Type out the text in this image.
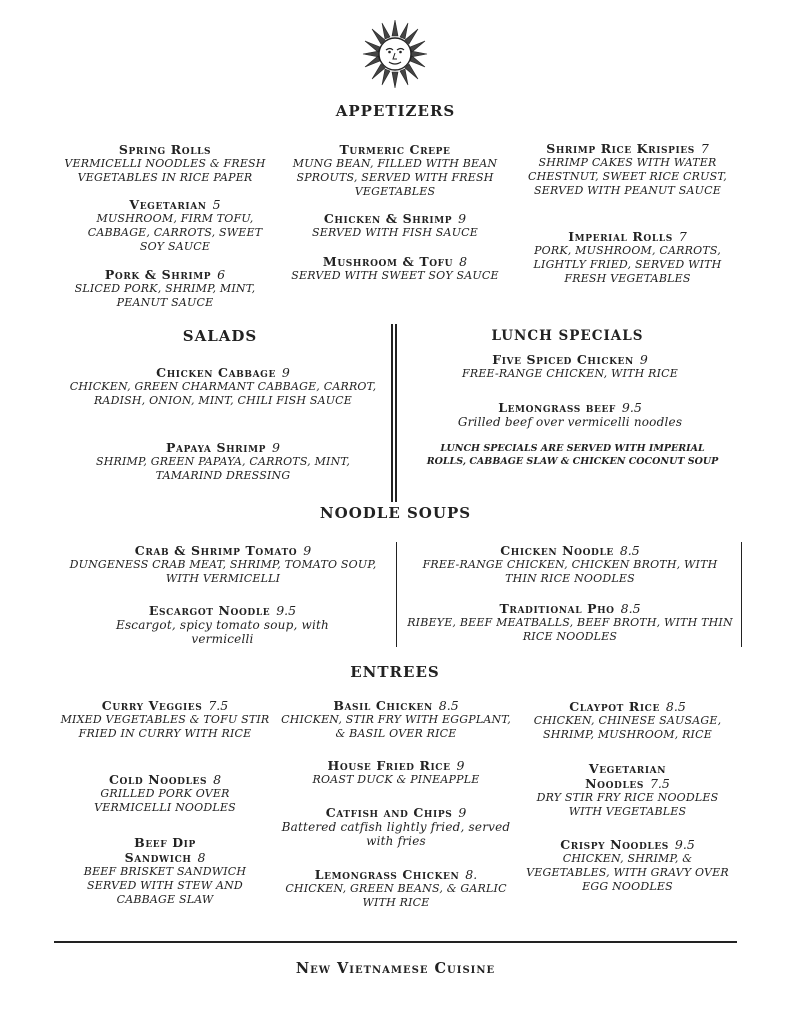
APPETIZERS
Spring Rolls
VERMICELLI NOODLES & FRESH VEGETABLES IN RICE PAPER
Vegetarian 5
MUSHROOM, FIRM TOFU, CABBAGE, CARROTS, SWEET SOY SAUCE
Pork & Shrimp 6
SLICED PORK, SHRIMP, MINT, PEANUT SAUCE
Turmeric Crepe
MUNG BEAN, FILLED WITH BEAN SPROUTS, SERVED WITH FRESH VEGETABLES
Chicken & Shrimp 9
SERVED WITH FISH SAUCE
Mushroom & Tofu 8
SERVED WITH SWEET SOY SAUCE
Shrimp Rice Krispies 7
SHRIMP CAKES WITH WATER CHESTNUT, SWEET RICE CRUST, SERVED WITH PEANUT SAUCE
Imperial Rolls 7
PORK, MUSHROOM, CARROTS, LIGHTLY FRIED, SERVED WITH FRESH VEGETABLES
SALADS
Chicken Cabbage 9
CHICKEN, GREEN CHARMANT CABBAGE, CARROT, RADISH, ONION, MINT, CHILI FISH SAUCE
Papaya Shrimp 9
SHRIMP, GREEN PAPAYA, CARROTS, MINT, TAMARIND DRESSING
LUNCH SPECIALS
Five Spiced Chicken 9
FREE-RANGE CHICKEN, WITH RICE
Lemongrass beef 9.5
Grilled beef over vermicelli noodles
LUNCH SPECIALS ARE SERVED WITH IMPERIAL ROLLS, CABBAGE SLAW & CHICKEN COCONUT SOUP
NOODLE SOUPS
Crab & Shrimp Tomato 9
DUNGENESS CRAB MEAT, SHRIMP, TOMATO SOUP, WITH VERMICELLI
Escargot Noodle 9.5
Escargot, spicy tomato soup, with vermicelli
Chicken Noodle 8.5
FREE-RANGE CHICKEN, CHICKEN BROTH, WITH THIN RICE NOODLES
Traditional Pho 8.5
RIBEYE, BEEF MEATBALLS, BEEF BROTH, WITH THIN RICE NOODLES
ENTREES
Curry Veggies 7.5
MIXED VEGETABLES & TOFU STIR FRIED IN CURRY WITH RICE
Cold Noodles 8
GRILLED PORK OVER VERMICELLI NOODLES
Beef Dip
Sandwich 8
BEEF BRISKET SANDWICH SERVED WITH STEW AND CABBAGE SLAW
Basil Chicken 8.5
CHICKEN, STIR FRY WITH EGGPLANT, & BASIL OVER RICE
House Fried Rice 9
ROAST DUCK & PINEAPPLE
Catfish and Chips 9
Battered catfish lightly fried, served with fries
Lemongrass Chicken 8.
CHICKEN, GREEN BEANS, & GARLIC WITH RICE
Claypot Rice 8.5
CHICKEN, CHINESE SAUSAGE, SHRIMP, MUSHROOM, RICE
Vegetarian
Noodles 7.5
DRY STIR FRY RICE NOODLES WITH VEGETABLES
Crispy Noodles 9.5
CHICKEN, SHRIMP, & VEGETABLES, WITH GRAVY OVER EGG NOODLES
New Vietnamese Cuisine
